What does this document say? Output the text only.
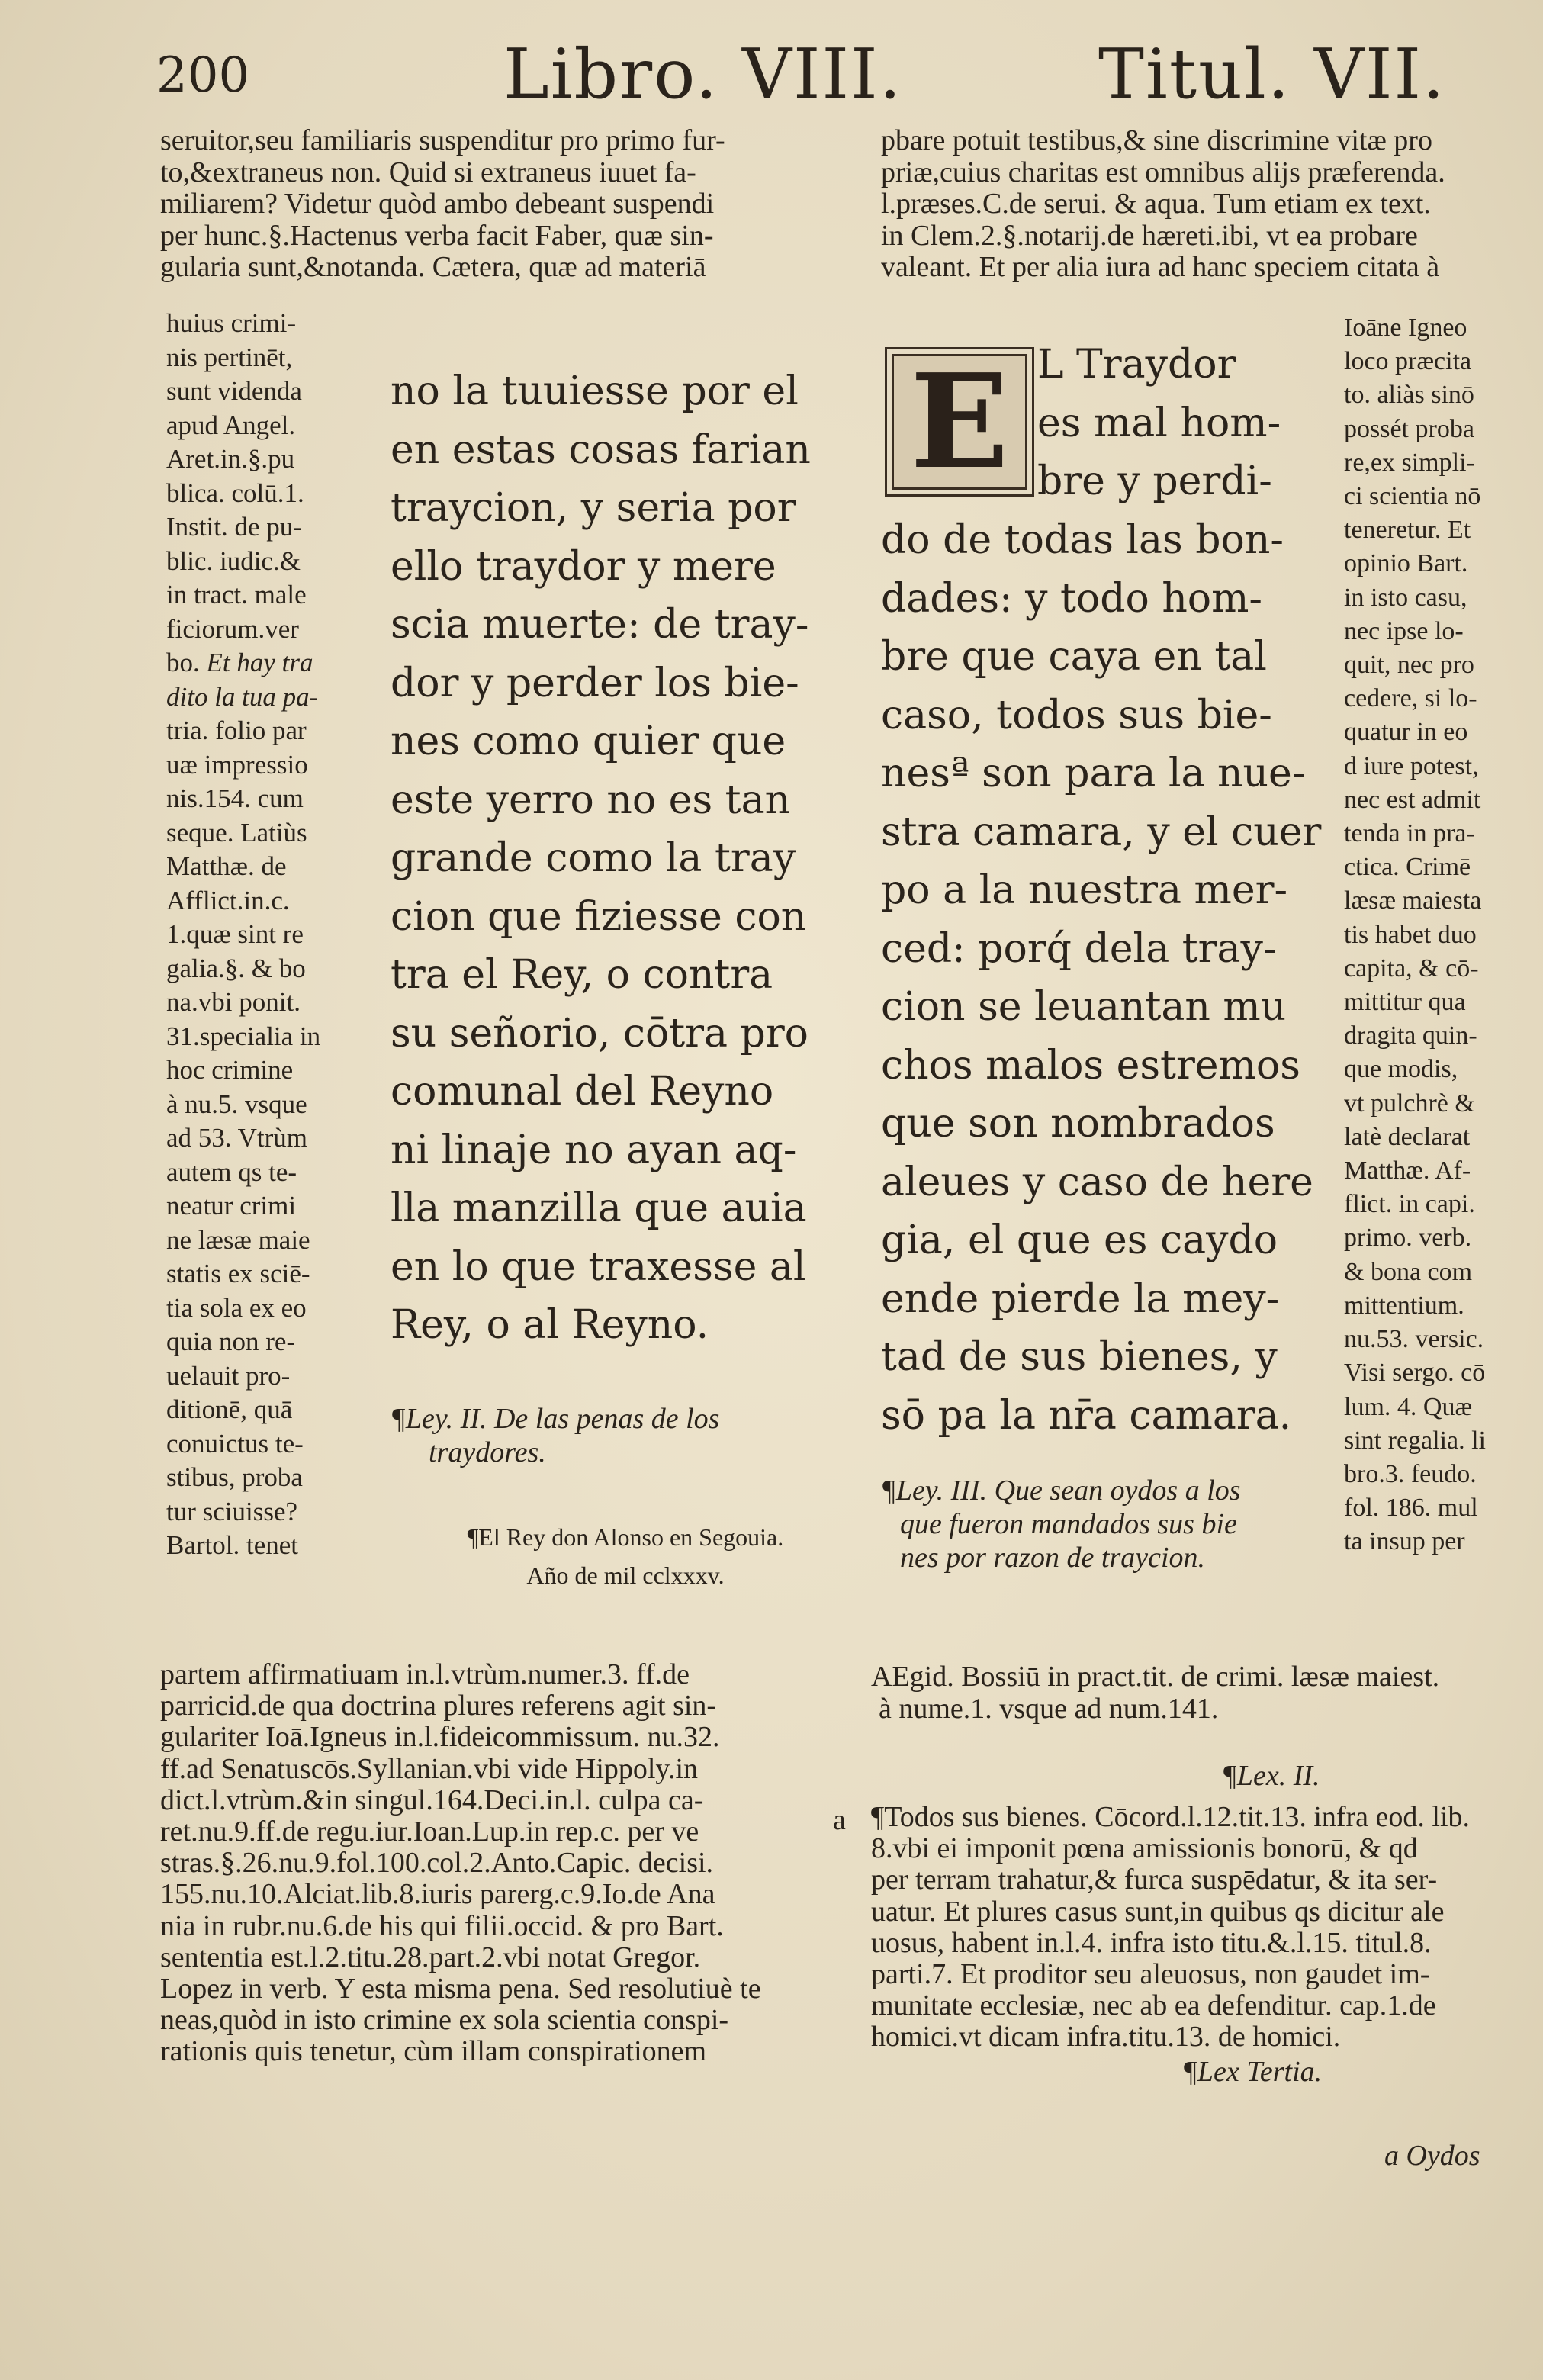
200	Libro. VIII.	Titul. VII.

seruitor,seu familiaris suspenditur pro primo fur-

to,&extraneus non. Quid si extraneus iuuet fa-

miliarem? Videtur quòd ambo debeant suspendi

per hunc.§.Hactenus verba facit Faber, quæ sin-

gularia sunt,&notanda. Cætera, quæ ad materiā

huius crimi-

nis pertinēt,

sunt videnda

apud Angel.

Aret.in.§.pu

blica. colū.1.

Instit. de pu-

blic. iudic.&

in tract. male

ficiorum.ver

bo. Et hay tra

dito la tua pa-

tria. folio par

uæ impressio

nis.154. cum

seque. Latiùs

Matthæ. de

Afflict.in.c.

1.quæ sint re

galia.§. & bo

na.vbi ponit.

31.specialia in

hoc crimine

à nu.5. vsque

ad 53. Vtrùm

autem qs te-

neatur crimi

ne læsæ maie

statis ex sciē-

tia sola ex eo

quia non re-

uelauit pro-

ditionē, quā

conuictus te-

stibus, proba

tur sciuisse?

Bartol. tenet

no la tuuiesse por el

en estas cosas farian

traycion, y seria por

ello traydor y mere

scia muerte: de tray-

dor y perder los bie-

nes como quier que

este yerro no es tan

grande como la tray

cion que fiziesse con

tra el Rey, o contra

su señorio, cōtra pro

comunal del Reyno

ni linaje no ayan aq-

lla manzilla que auia

en lo que traxesse al

Rey, o al Reyno.

¶Ley. II. De las penas de los

traydores.

¶El Rey don Alonso en Segouia.

Año de mil cclxxxv.

partem affirmatiuam in.l.vtrùm.numer.3. ff.de

parricid.de qua doctrina plures referens agit sin-

gulariter Ioā.Igneus in.l.fideicommissum. nu.32.

ff.ad Senatuscōs.Syllanian.vbi vide Hippoly.in

dict.l.vtrùm.&in singul.164.Deci.in.l. culpa ca-

ret.nu.9.ff.de regu.iur.Ioan.Lup.in rep.c. per ve

stras.§.26.nu.9.fol.100.col.2.Anto.Capic. decisi.

155.nu.10.Alciat.lib.8.iuris parerg.c.9.Io.de Ana

nia in rubr.nu.6.de his qui filii.occid. & pro Bart.

sententia est.l.2.titu.28.part.2.vbi notat Gregor.

Lopez in verb. Y esta misma pena. Sed resolutiuè te

neas,quòd in isto crimine ex sola scientia conspi-

rationis quis tenetur, cùm illam conspirationem

pbare potuit testibus,& sine discrimine vitæ pro

priæ,cuius charitas est omnibus alijs præferenda.

l.præses.C.de serui. & aqua. Tum etiam ex text.

in Clem.2.§.notarij.de hæreti.ibi, vt ea probare

valeant. Et per alia iura ad hanc speciem citata à

E L Traydor

es mal hom-

bre y perdi-

do de todas las bon-

dades: y todo hom-

bre que caya en tal

caso, todos sus bie-

nesª son para la nue-

stra camara, y el cuer

po a la nuestra mer-

ced: porq́ dela tray-

cion se leuantan mu

chos malos estremos

que son nombrados

aleues y caso de here

gia, el que es caydo

ende pierde la mey-

tad de sus bienes, y

sō pa la nr̄a camara.

¶Ley. III. Que sean oydos a los

que fueron mandados sus bie

nes por razon de traycion.

Ioāne Igneo

loco præcita

to. aliàs sinō

possét proba

re,ex simpli-

ci scientia nō

teneretur. Et

opinio Bart.

in isto casu,

nec ipse lo-

quit, nec pro

cedere, si lo-

quatur in eo

d iure potest,

nec est admit

tenda in pra-

ctica. Crimē

læsæ maiesta

tis habet duo

capita, & cō-

mittitur qua

dragita quin-

que modis,

vt pulchrè &

latè declarat

Matthæ. Af-

flict. in capi.

primo. verb.

& bona com

mittentium.

nu.53. versic.

Visi sergo. cō

lum. 4. Quæ

sint regalia. li

bro.3. feudo.

fol. 186. mul

ta insup per

AEgid. Bossiū in pract.tit. de crimi. læsæ maiest.

à nume.1. vsque ad num.141.

¶Lex. II.
a ¶Todos sus bienes. Cōcord.l.12.tit.13. infra eod. lib.

8.vbi ei imponit pœna amissionis bonorū, & qd

per terram trahatur,& furca suspēdatur, & ita ser-

uatur. Et plures casus sunt,in quibus qs dicitur ale

uosus, habent in.l.4. infra isto titu.&.l.15. titul.8.

parti.7. Et proditor seu aleuosus, non gaudet im-

munitate ecclesiæ, nec ab ea defenditur. cap.1.de

homici.vt dicam infra.titu.13. de homici.

¶Lex Tertia.
a Oydos
